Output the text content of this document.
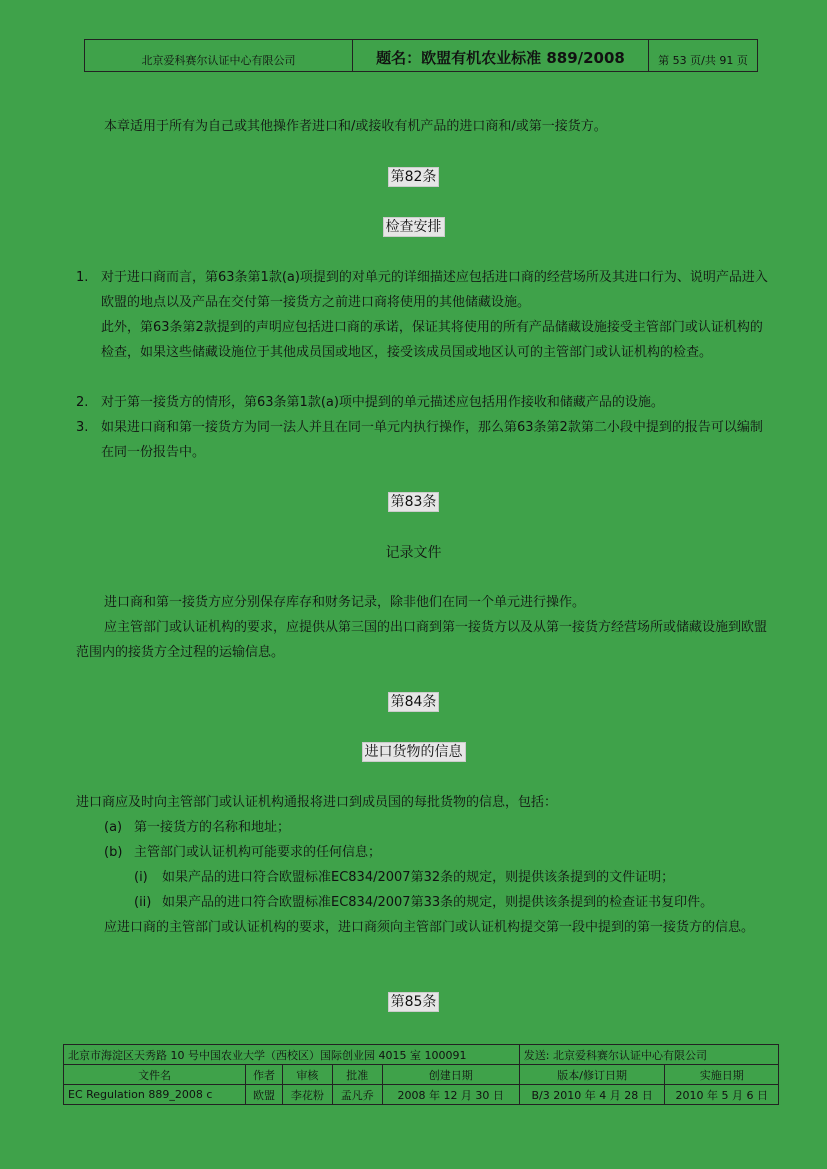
北京爱科赛尔认证中心有限公司	题名：欧盟有机农业标准 889/2008	第 53 页/共 91 页
本章适用于所有为自己或其他操作者进口和/或接收有机产品的进口商和/或第一接货方。
第82条
检查安排
1. 对于进口商而言，第63条第1款(a)项提到的对单元的详细描述应包括进口商的经营场所及其进口行为、说明产品进入欧盟的地点以及产品在交付第一接货方之前进口商将使用的其他储藏设施。
此外，第63条第2款提到的声明应包括进口商的承诺，保证其将使用的所有产品储藏设施接受主管部门或认证机构的检查，如果这些储藏设施位于其他成员国或地区，接受该成员国或地区认可的主管部门或认证机构的检查。
2. 对于第一接货方的情形，第63条第1款(a)项中提到的单元描述应包括用作接收和储藏产品的设施。
3. 如果进口商和第一接货方为同一法人并且在同一单元内执行操作，那么第63条第2款第二小段中提到的报告可以编制在同一份报告中。
第83条
记录文件
进口商和第一接货方应分别保存库存和财务记录，除非他们在同一个单元进行操作。
应主管部门或认证机构的要求，应提供从第三国的出口商到第一接货方以及从第一接货方经营场所或储藏设施到欧盟范围内的接货方全过程的运输信息。
第84条
进口货物的信息
进口商应及时向主管部门或认证机构通报将进口到成员国的每批货物的信息，包括：
(a) 第一接货方的名称和地址；
(b) 主管部门或认证机构可能要求的任何信息；
(i) 如果产品的进口符合欧盟标准EC834/2007第32条的规定，则提供该条提到的文件证明；
(ii) 如果产品的进口符合欧盟标准EC834/2007第33条的规定，则提供该条提到的检查证书复印件。
应进口商的主管部门或认证机构的要求，进口商须向主管部门或认证机构提交第一段中提到的第一接货方的信息。
第85条
北京市海淀区天秀路 10 号中国农业大学（西校区）国际创业园 4015 室 100091					发送: 北京爱科赛尔认证中心有限公司	
文件名	作者	审核	批准	创建日期	版本/修订日期	实施日期
EC Regulation 889_2008 c	欧盟	李花粉	孟凡乔	2008 年 12 月 30 日	B/3 2010 年 4 月 28 日	2010 年 5 月 6 日
